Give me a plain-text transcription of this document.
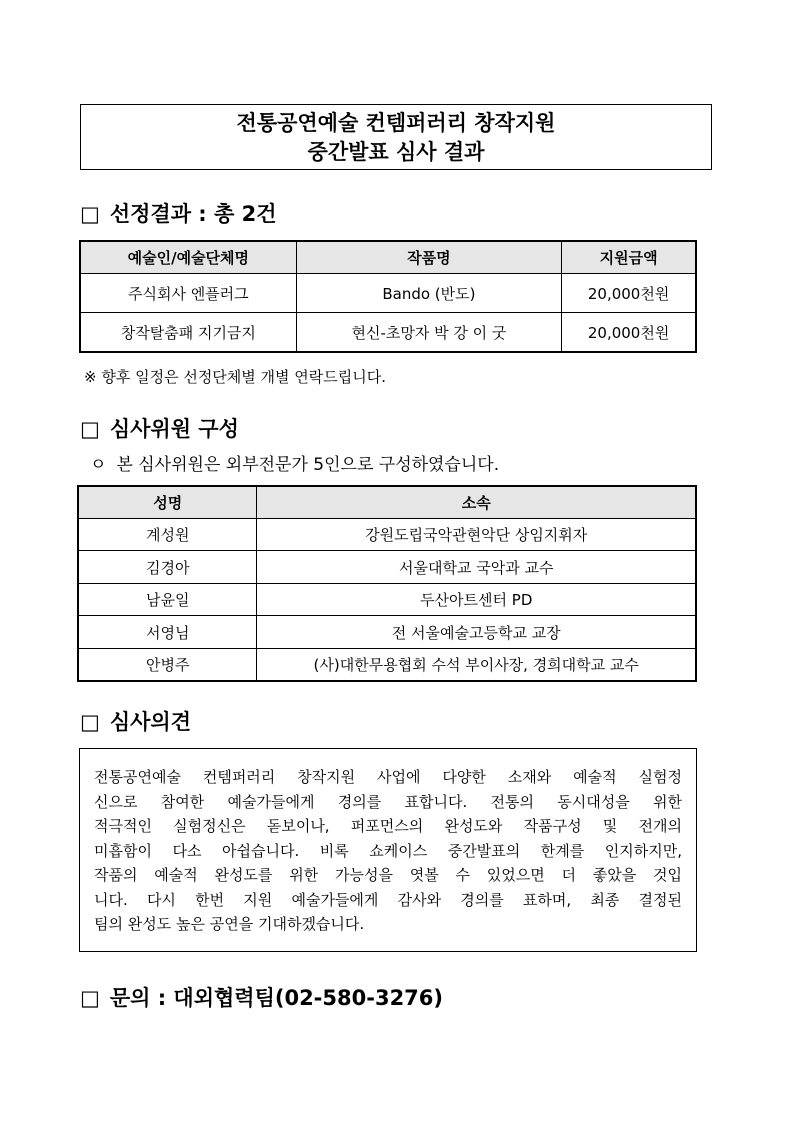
전통공연예술 컨템퍼러리 창작지원
중간발표 심사 결과
□ 선정결과 : 총 2건
예술인/예술단체명	작품명	지원금액
주식회사 엔플러그	Bando (반도)	20,000천원
창작탈춤패 지기금지	현신-초망자 박 강 이 굿	20,000천원
※ 향후 일정은 선정단체별 개별 연락드립니다.
□ 심사위원 구성
ㅇ 본 심사위원은 외부전문가 5인으로 구성하였습니다.
성명	소속
계성원	강원도립국악관현악단 상임지휘자
김경아	서울대학교 국악과 교수
남윤일	두산아트센터 PD
서영님	전 서울예술고등학교 교장
안병주	(사)대한무용협회 수석 부이사장, 경희대학교 교수
□ 심사의견
전통공연예술 컨템퍼러리 창작지원 사업에 다양한 소재와 예술적 실험정
신으로 참여한 예술가들에게 경의를 표합니다. 전통의 동시대성을 위한
적극적인 실험정신은 돋보이나, 퍼포먼스의 완성도와 작품구성 및 전개의
미흡함이 다소 아쉽습니다. 비록 쇼케이스 중간발표의 한계를 인지하지만,
작품의 예술적 완성도를 위한 가능성을 엿볼 수 있었으면 더 좋았을 것입
니다. 다시 한번 지원 예술가들에게 감사와 경의를 표하며, 최종 결정된
팀의 완성도 높은 공연을 기대하겠습니다.
□ 문의 : 대외협력팀(02-580-3276)
